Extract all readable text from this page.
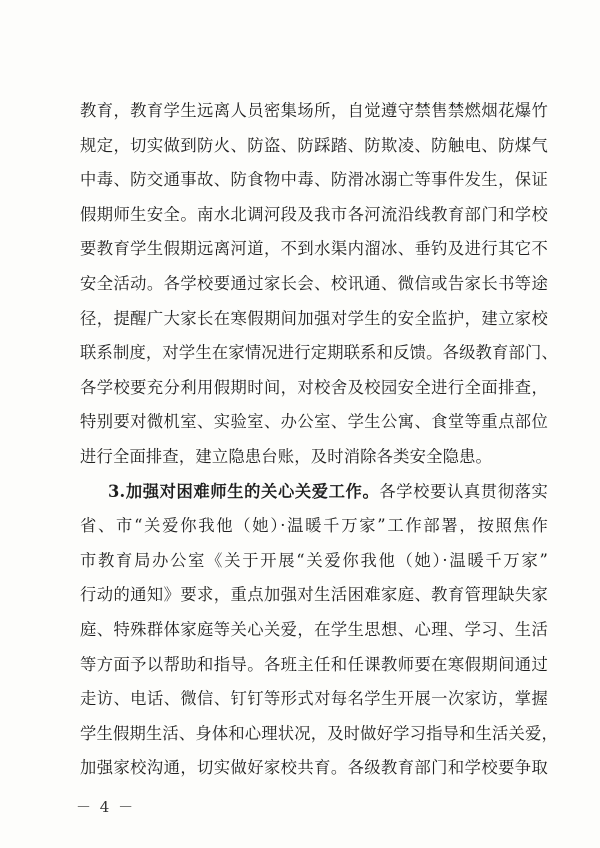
教育，教育学生远离人员密集场所，自觉遵守禁售禁燃烟花爆竹
规定，切实做到防火、防盗、防踩踏、防欺凌、防触电、防煤气
中毒、防交通事故、防食物中毒、防滑冰溺亡等事件发生，保证
假期师生安全。南水北调河段及我市各河流沿线教育部门和学校
要教育学生假期远离河道，不到水渠内溜冰、垂钓及进行其它不
安全活动。各学校要通过家长会、校讯通、微信或告家长书等途
径，提醒广大家长在寒假期间加强对学生的安全监护，建立家校
联系制度，对学生在家情况进行定期联系和反馈。各级教育部门、
各学校要充分利用假期时间，对校舍及校园安全进行全面排查，
特别要对微机室、实验室、办公室、学生公寓、食堂等重点部位
进行全面排查，建立隐患台账，及时消除各类安全隐患。
3.加强对困难师生的关心关爱工作。各学校要认真贯彻落实
省、市“关爱你我他（她）·温暖千万家”工作部署，按照焦作
市教育局办公室《关于开展“关爱你我他（她）·温暖千万家”
行动的通知》要求，重点加强对生活困难家庭、教育管理缺失家
庭、特殊群体家庭等关心关爱，在学生思想、心理、学习、生活
等方面予以帮助和指导。各班主任和任课教师要在寒假期间通过
走访、电话、微信、钉钉等形式对每名学生开展一次家访，掌握
学生假期生活、身体和心理状况，及时做好学习指导和生活关爱，
加强家校沟通，切实做好家校共育。各级教育部门和学校要争取
－ 4 －
